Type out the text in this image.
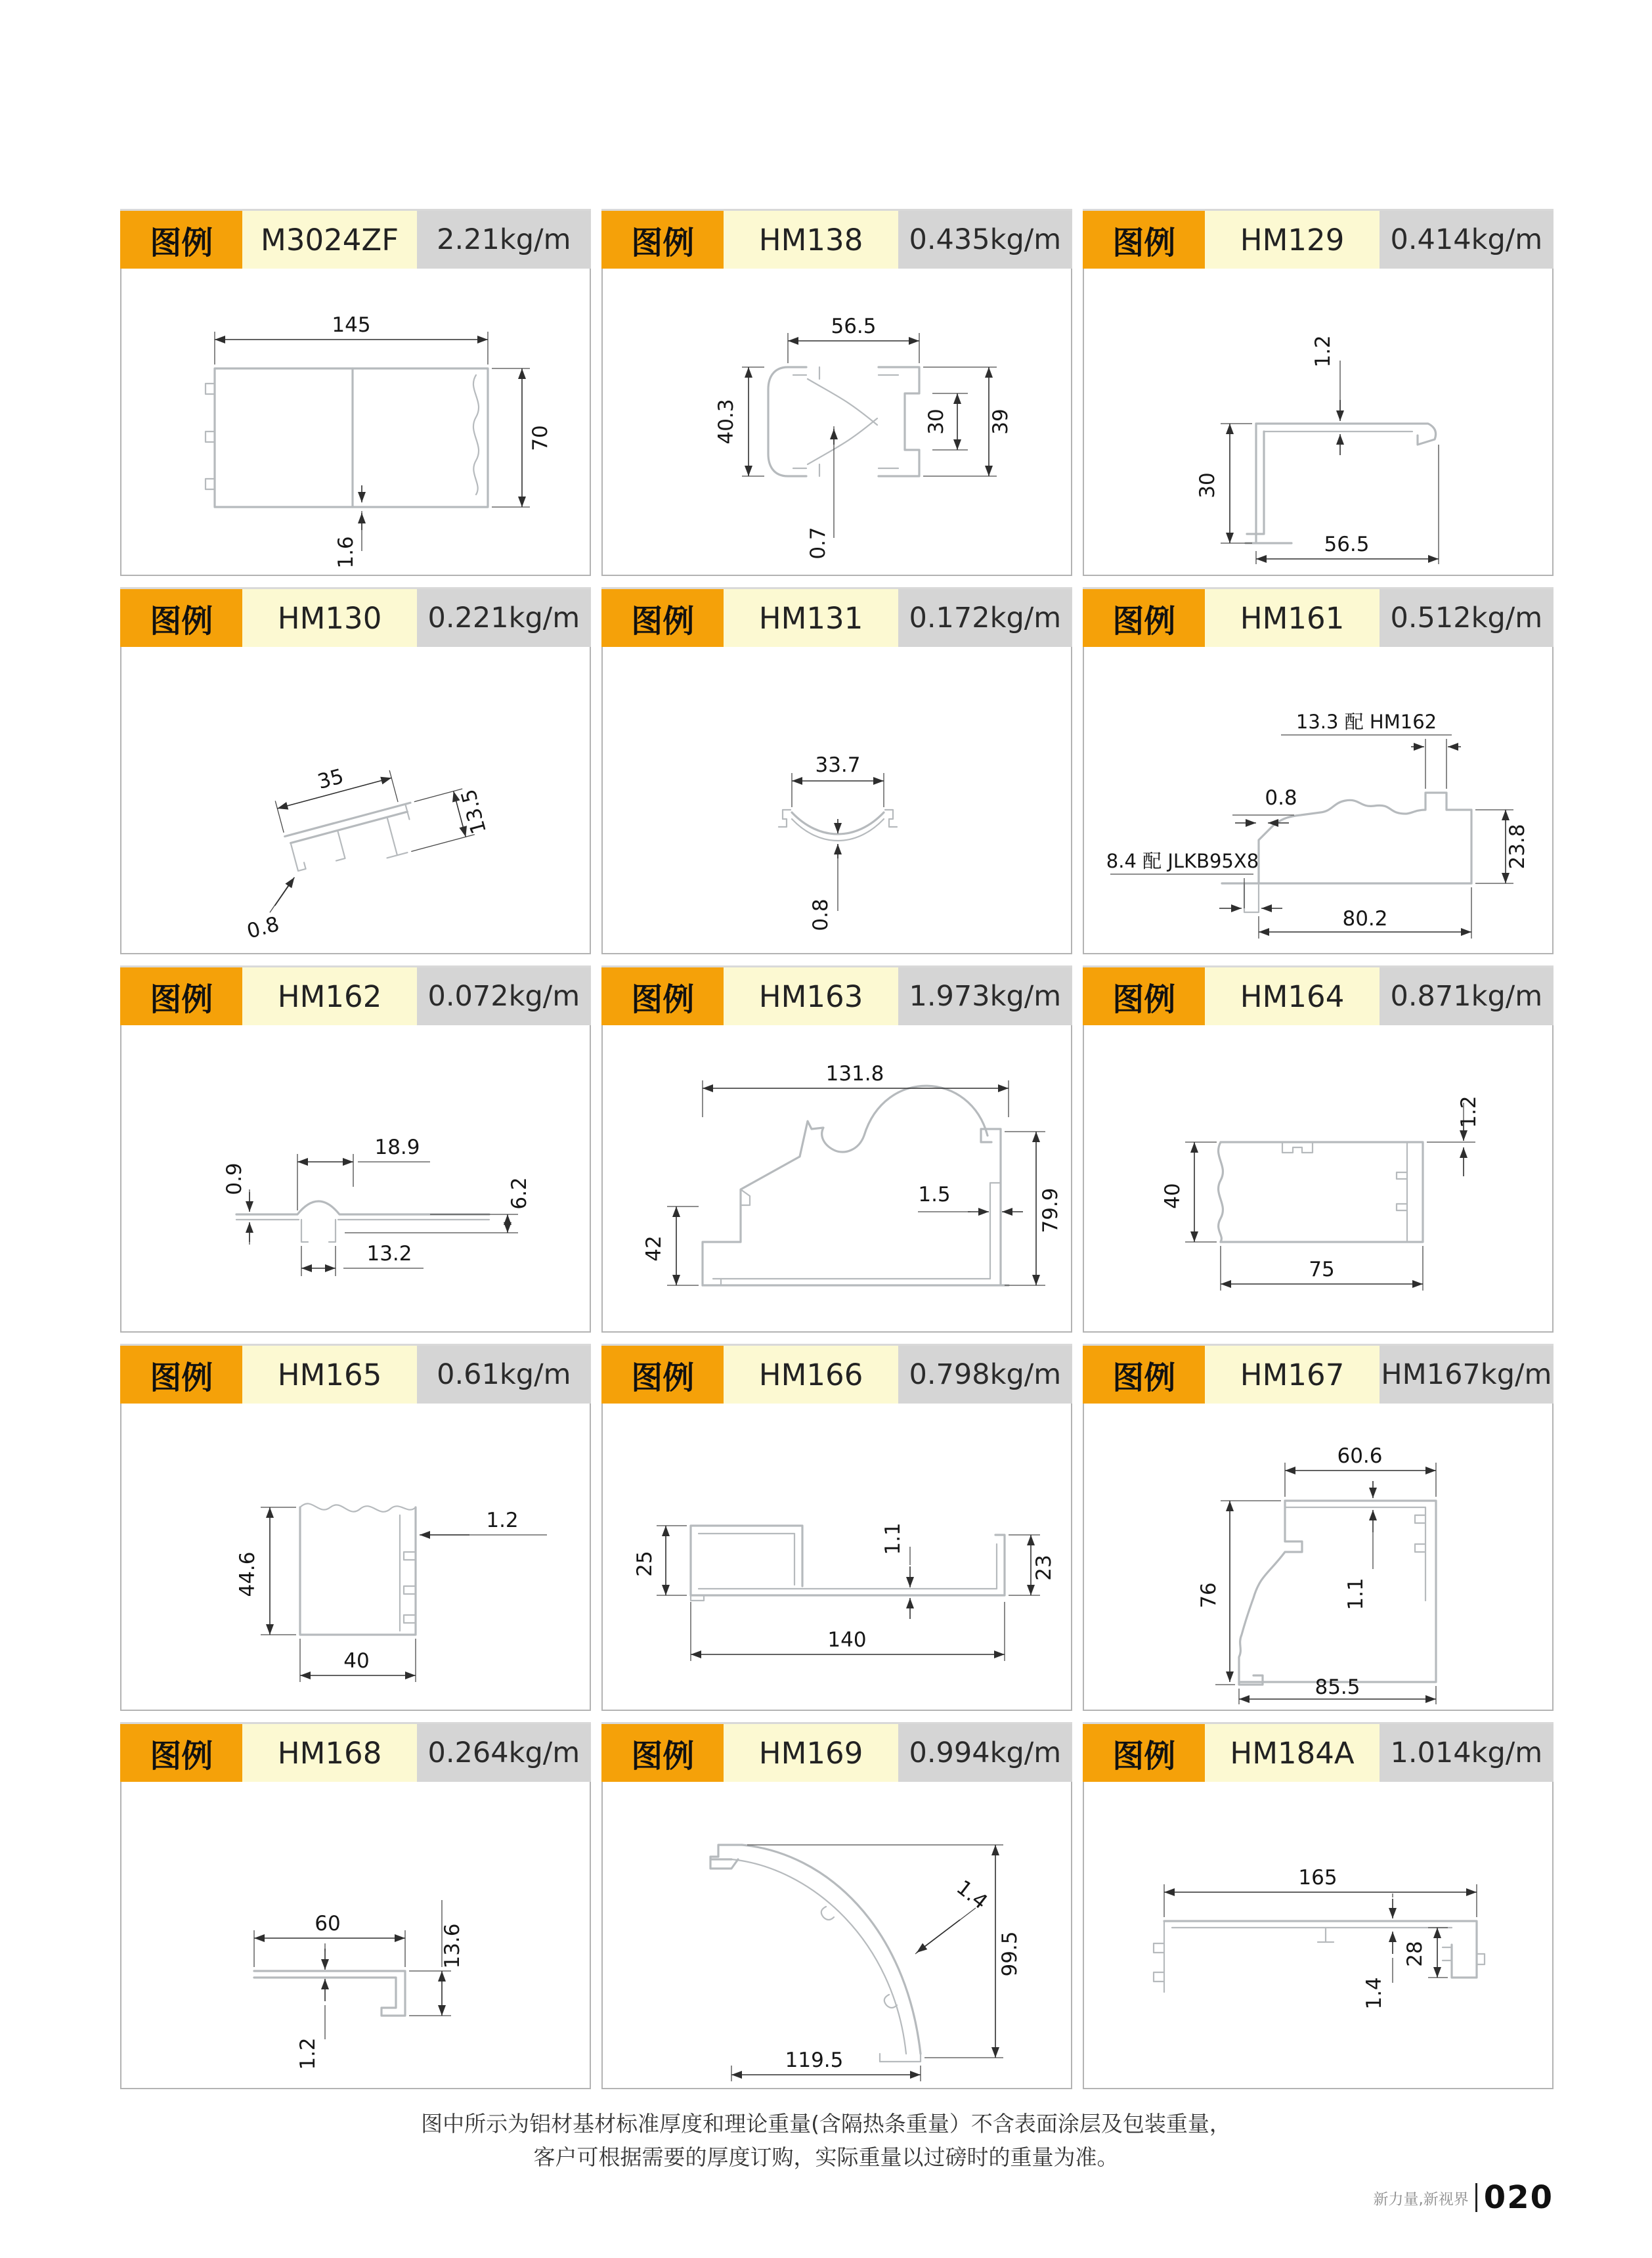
图例	M3024ZF	2.21kg/m
145
70
1.6
图例	HM138	0.435kg/m
56.5
40.3	30 39
0.7
图例	HM129	0.414kg/m
1.2
30
56.5
图例	HM130	0.221kg/m
35
0.8
13.5
图例	HM131	0.172kg/m
33.7
0.8
图例	HM161	0.512kg/m
13.3 配 HM162
0.8
8.4 配 JLKB95X8
80.2
23.8
图例	HM162	0.072kg/m
0.9
18.9
6.2
13.2
图例	HM163	1.973kg/m
131.8
42
1.5	79.9
图例	HM164	0.871kg/m
1.2
40
75
图例	HM165	0.61kg/m
44.6
1.2
40
图例	HM166	0.798kg/m
25
1.1
23
140
图例	HM167	HM167kg/m
60.6
1.1
76
85.5
图例	HM168	0.264kg/m
60	13.6
1.2
图例	HM169	0.994kg/m
1.4
99.5
119.5
图例	HM184A	1.014kg/m
165
1.4
28
图中所示为铝材基材标准厚度和理论重量(含隔热条重量）不含表面涂层及包装重量，
客户可根据需要的厚度订购，实际重量以过磅时的重量为准。
新力量,新视界 020
